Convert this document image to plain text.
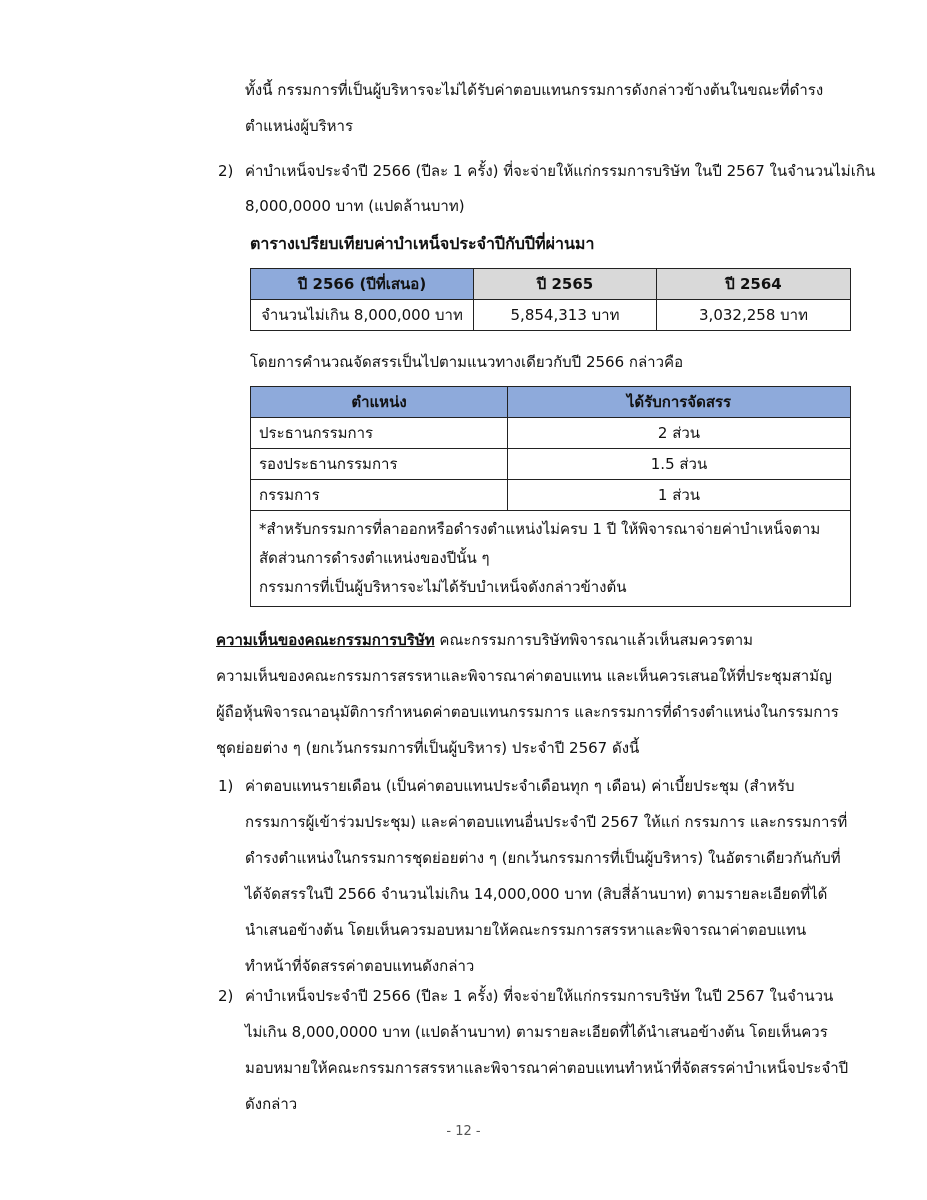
ทั้งนี้ กรรมการที่เป็นผู้บริหารจะไม่ได้รับค่าตอบแทนกรรมการดังกล่าวข้างต้นในขณะที่ดำรง
ตำแหน่งผู้บริหาร
2) ค่าบำเหน็จประจำปี 2566 (ปีละ 1 ครั้ง) ที่จะจ่ายให้แก่กรรมการบริษัท ในปี 2567 ในจำนวนไม่เกิน
8,000,0000 บาท (แปดล้านบาท)
ตารางเปรียบเทียบค่าบำเหน็จประจำปีกับปีที่ผ่านมา
ปี 2566 (ปีที่เสนอ)	ปี 2565	ปี 2564
จำนวนไม่เกิน 8,000,000 บาท	5,854,313 บาท	3,032,258 บาท
โดยการคำนวณจัดสรรเป็นไปตามแนวทางเดียวกับปี 2566 กล่าวคือ
ตำแหน่ง	ได้รับการจัดสรร
ประธานกรรมการ	2 ส่วน
รองประธานกรรมการ	1.5 ส่วน
กรรมการ	1 ส่วน

*สำหรับกรรมการที่ลาออกหรือดำรงตำแหน่งไม่ครบ 1 ปี ให้พิจารณาจ่ายค่าบำเหน็จตาม
สัดส่วนการดำรงตำแหน่งของปีนั้น ๆ
กรรมการที่เป็นผู้บริหารจะไม่ได้รับบำเหน็จดังกล่าวข้างต้น	
ความเห็นของคณะกรรมการบริษัท คณะกรรมการบริษัทพิจารณาแล้วเห็นสมควรตาม
ความเห็นของคณะกรรมการสรรหาและพิจารณาค่าตอบแทน และเห็นควรเสนอให้ที่ประชุมสามัญ
ผู้ถือหุ้นพิจารณาอนุมัติการกำหนดค่าตอบแทนกรรมการ และกรรมการที่ดำรงตำแหน่งในกรรมการ
ชุดย่อยต่าง ๆ (ยกเว้นกรรมการที่เป็นผู้บริหาร) ประจำปี 2567 ดังนี้
1) ค่าตอบแทนรายเดือน (เป็นค่าตอบแทนประจำเดือนทุก ๆ เดือน) ค่าเบี้ยประชุม (สำหรับ
กรรมการผู้เข้าร่วมประชุม) และค่าตอบแทนอื่นประจำปี 2567 ให้แก่ กรรมการ และกรรมการที่
ดำรงตำแหน่งในกรรมการชุดย่อยต่าง ๆ (ยกเว้นกรรมการที่เป็นผู้บริหาร) ในอัตราเดียวกันกับที่
ได้จัดสรรในปี 2566 จำนวนไม่เกิน 14,000,000 บาท (สิบสี่ล้านบาท) ตามรายละเอียดที่ได้
นำเสนอข้างต้น โดยเห็นควรมอบหมายให้คณะกรรมการสรรหาและพิจารณาค่าตอบแทน
ทำหน้าที่จัดสรรค่าตอบแทนดังกล่าว
2) ค่าบำเหน็จประจำปี 2566 (ปีละ 1 ครั้ง) ที่จะจ่ายให้แก่กรรมการบริษัท ในปี 2567 ในจำนวน
ไม่เกิน 8,000,0000 บาท (แปดล้านบาท) ตามรายละเอียดที่ได้นำเสนอข้างต้น โดยเห็นควร
มอบหมายให้คณะกรรมการสรรหาและพิจารณาค่าตอบแทนทำหน้าที่จัดสรรค่าบำเหน็จประจำปี
ดังกล่าว
- 12 -
